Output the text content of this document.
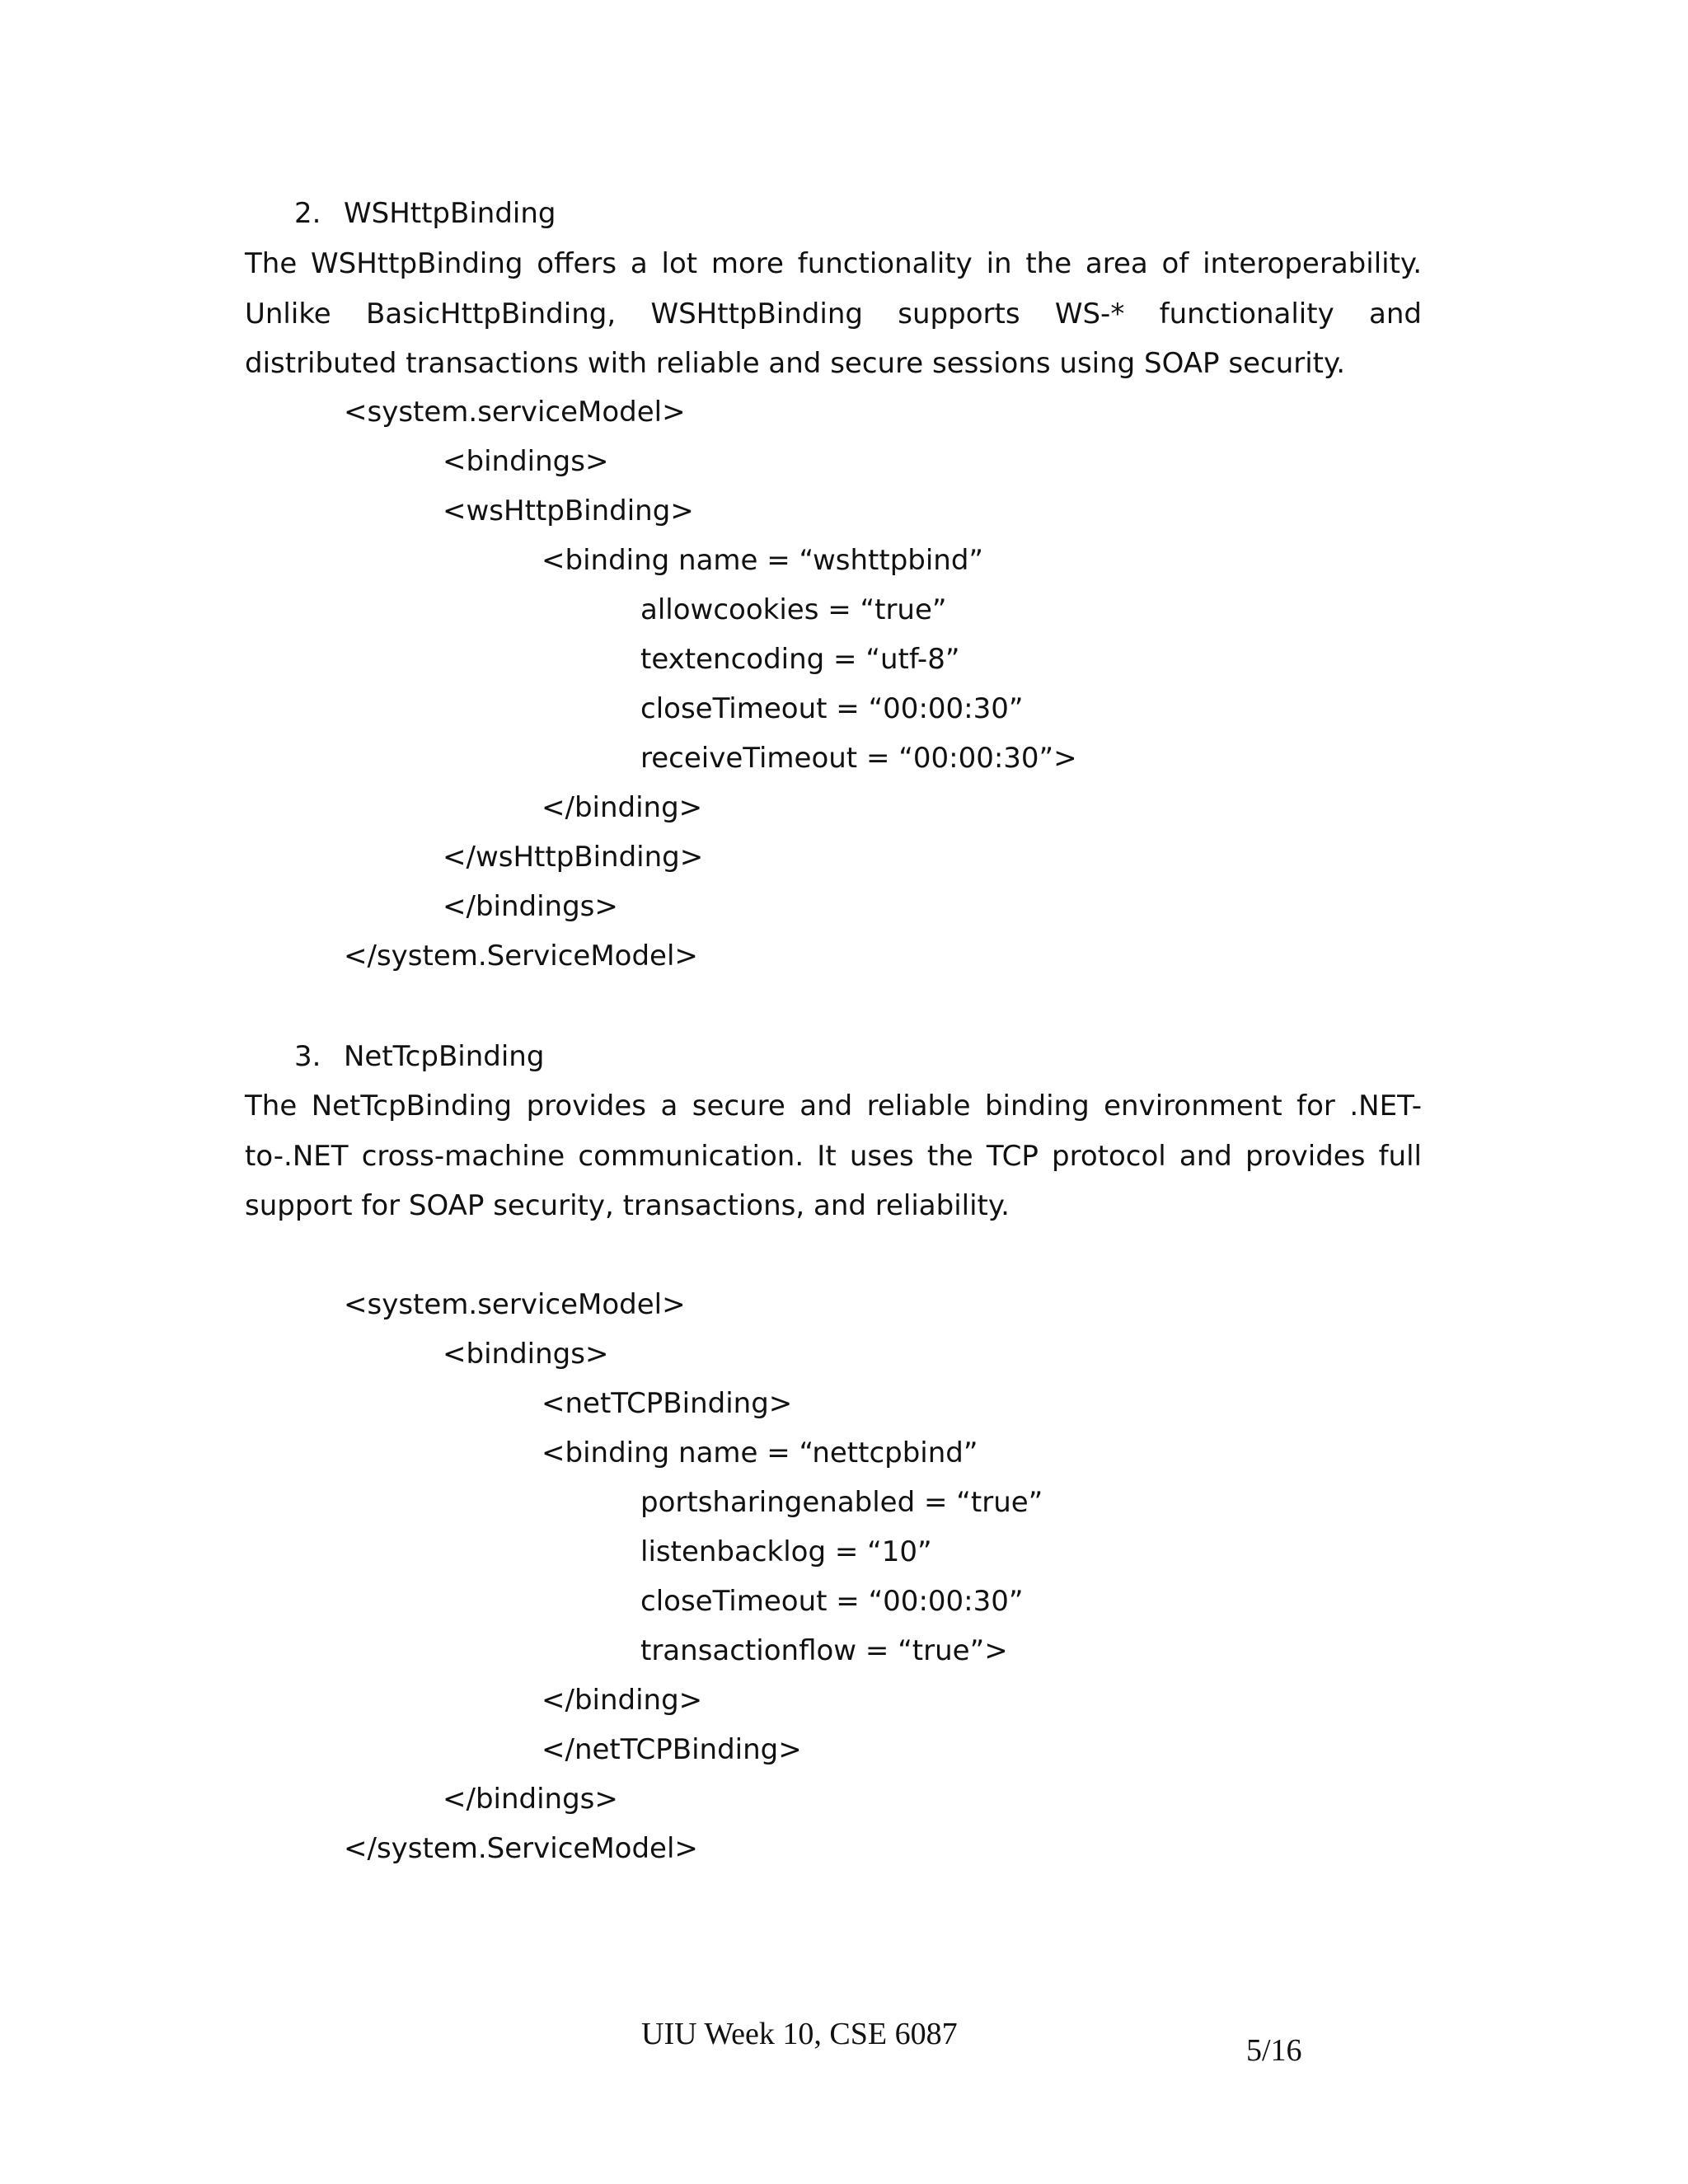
2. WSHttpBinding
The WSHttpBinding offers a lot more functionality in the area of interoperability. Unlike BasicHttpBinding, WSHttpBinding supports WS-* functionality and distributed transactions with reliable and secure sessions using SOAP security.
<system.serviceModel>
<bindings>
<wsHttpBinding>
<binding name = “wshttpbind”
allowcookies = “true”
textencoding = “utf-8”
closeTimeout = “00:00:30”
receiveTimeout = “00:00:30”>
</binding>
</wsHttpBinding>
</bindings>
</system.ServiceModel>
3. NetTcpBinding
The NetTcpBinding provides a secure and reliable binding environment for .NET-to-.NET cross-machine communication. It uses the TCP protocol and provides full support for SOAP security, transactions, and reliability.
<system.serviceModel>
<bindings>
<netTCPBinding>
<binding name = “nettcpbind”
portsharingenabled = “true”
listenbacklog = “10”
closeTimeout = “00:00:30”
transactionflow = “true”>
</binding>
</netTCPBinding>
</bindings>
</system.ServiceModel>
UIU Week 10, CSE 6087	5/16
